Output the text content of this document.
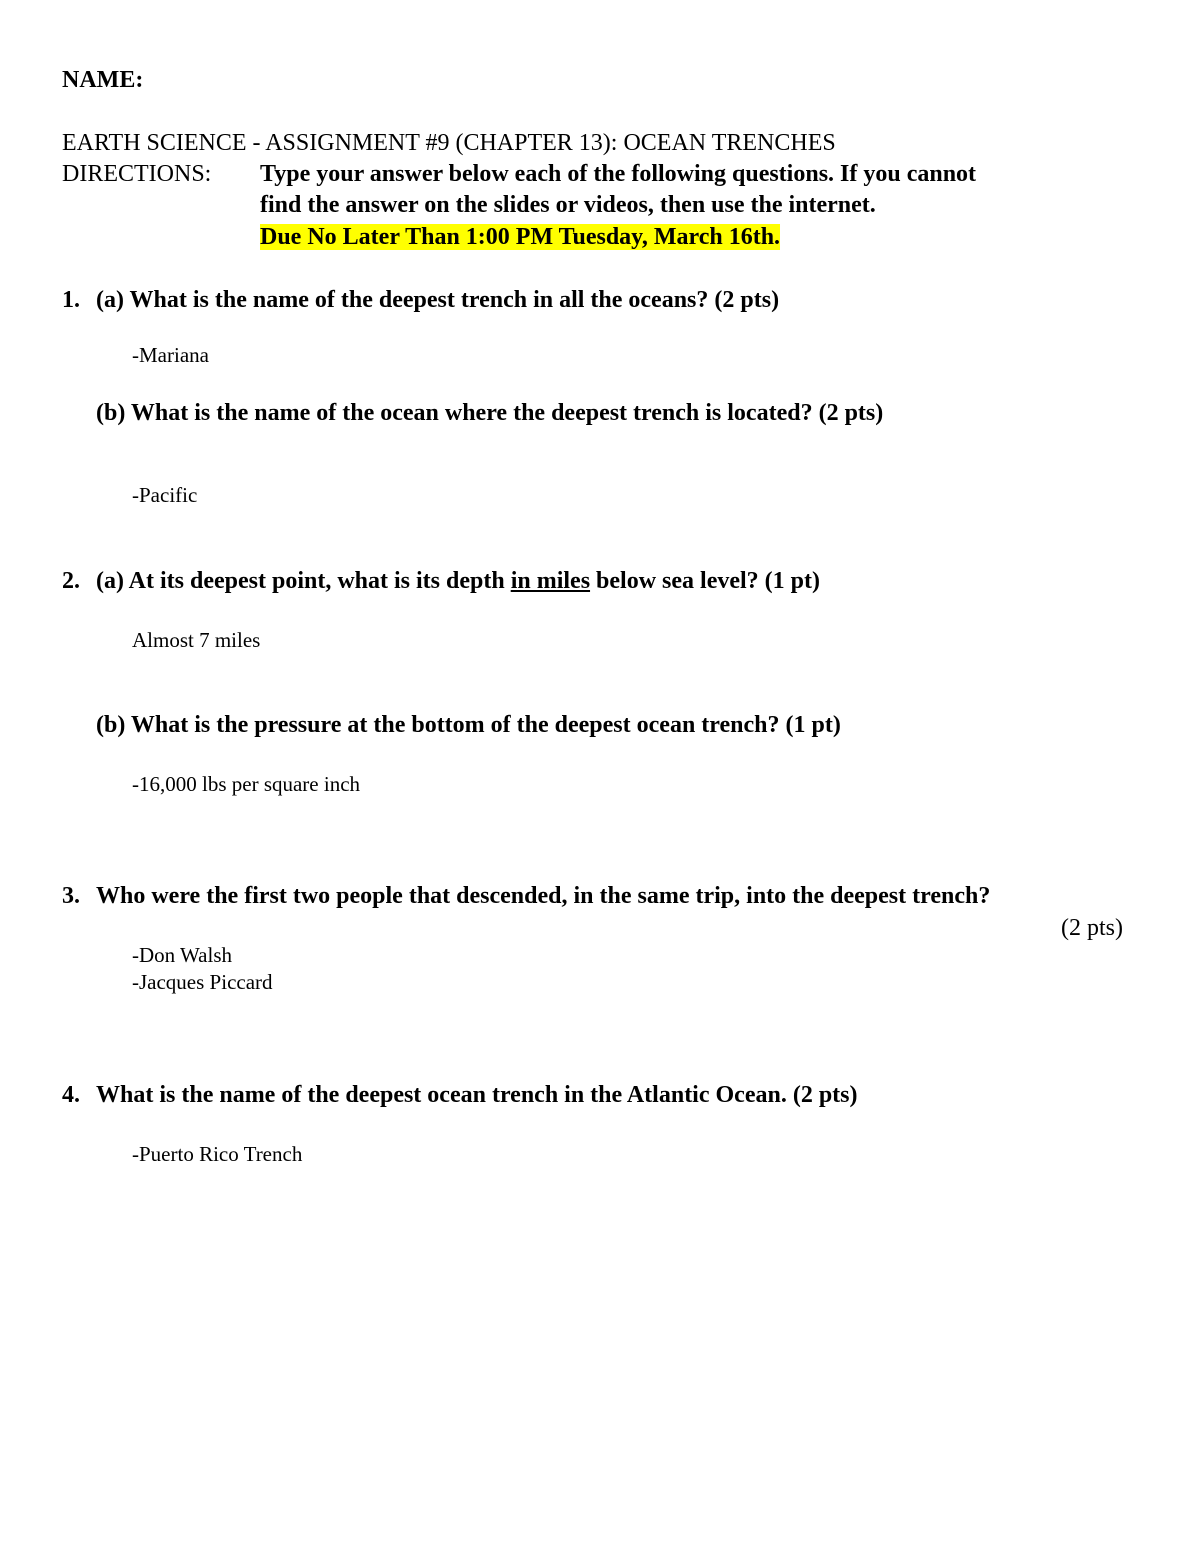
NAME:
EARTH SCIENCE - ASSIGNMENT #9 (CHAPTER 13): OCEAN TRENCHES
DIRECTIONS: Type your answer below each of the following questions. If you cannot
find the answer on the slides or videos, then use the internet.
Due No Later Than 1:00 PM Tuesday, March 16th.
1. (a) What is the name of the deepest trench in all the oceans? (2 pts)
-Mariana
(b) What is the name of the ocean where the deepest trench is located? (2 pts)
-Pacific
2. (a) At its deepest point, what is its depth in miles below sea level? (1 pt)
Almost 7 miles
(b) What is the pressure at the bottom of the deepest ocean trench? (1 pt)
-16,000 lbs per square inch
3. Who were the first two people that descended, in the same trip, into the deepest trench?
(2 pts)
-Don Walsh
-Jacques Piccard
4. What is the name of the deepest ocean trench in the Atlantic Ocean. (2 pts)
-Puerto Rico Trench
